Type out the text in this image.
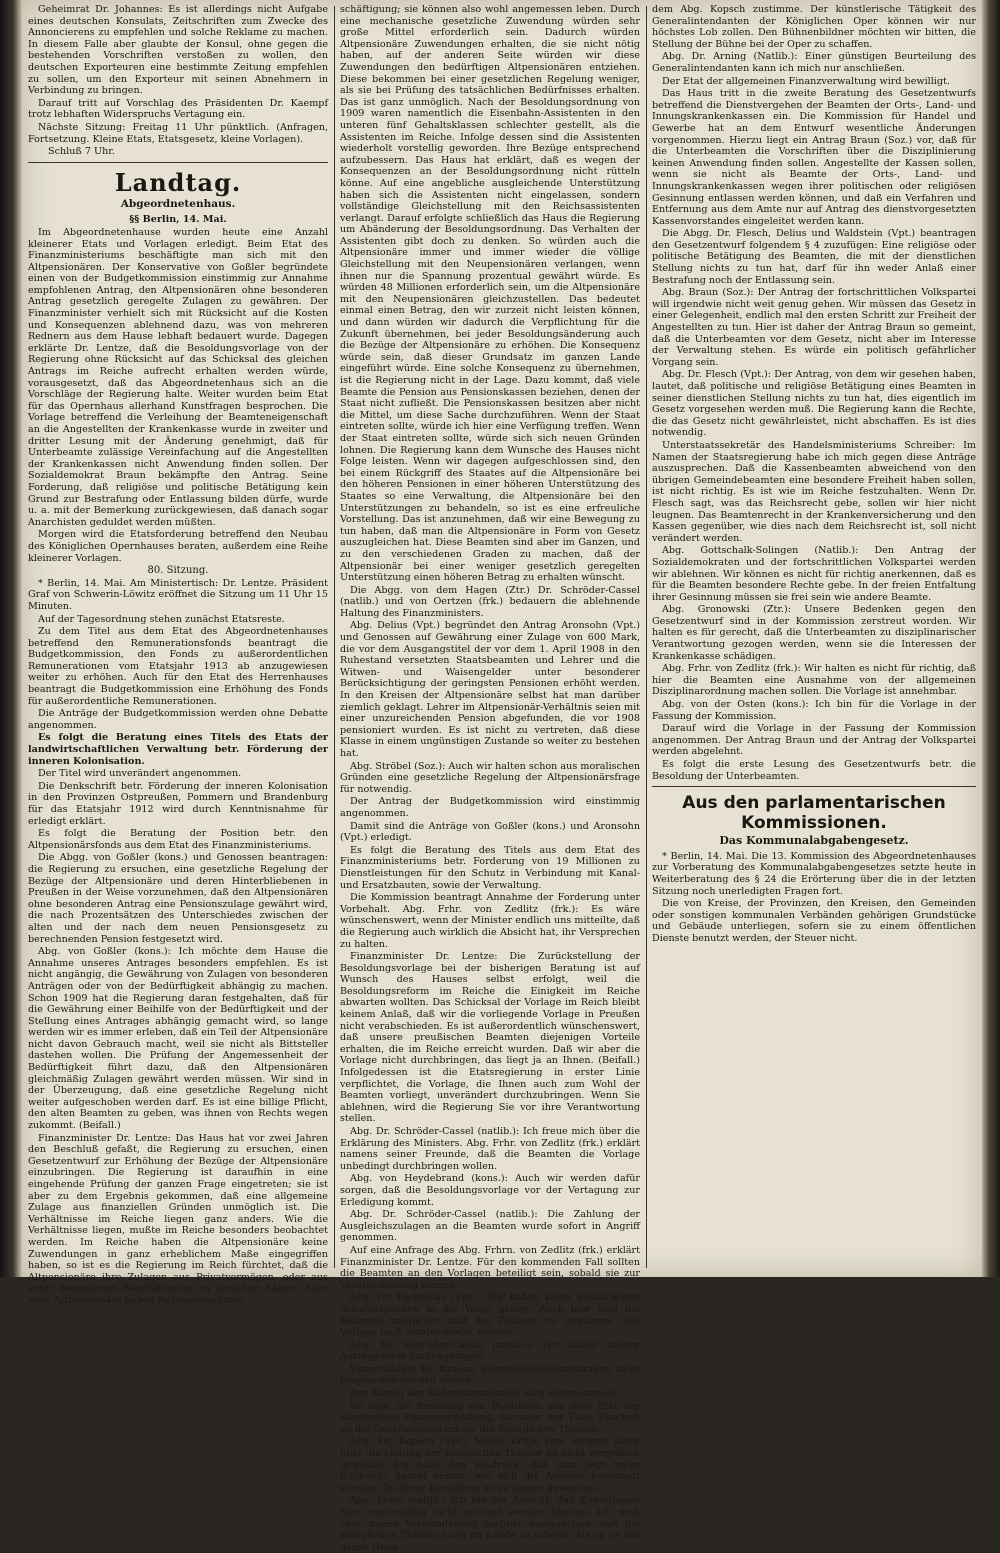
Geheimrat Dr. Johannes: Es ist allerdings nicht Aufgabe eines deutschen Konsulats, Zeitschriften zum Zwecke des Annoncierens zu empfehlen und solche Reklame zu machen. In diesem Falle aber glaubte der Konsul, ohne gegen die bestehenden Vorschriften verstoßen zu wollen, den deutschen Exporteuren eine bestimmte Zeitung empfehlen zu sollen, um den Exporteur mit seinen Abnehmern in Verbindung zu bringen.

Darauf tritt auf Vorschlag des Präsidenten Dr. Kaempf trotz lebhaften Widerspruchs Vertagung ein.

Nächste Sitzung: Freitag 11 Uhr pünktlich. (Anfragen, Fortsetzung. Kleine Etats, Etatsgesetz, kleine Vorlagen).

Schluß 7 Uhr.

Landtag.
Abgeordnetenhaus.

§§ Berlin, 14. Mai.

Im Abgeordnetenhause wurden heute eine Anzahl kleinerer Etats und Vorlagen erledigt. Beim Etat des Finanzministeriums beschäftigte man sich mit den Altpensionären. Der Konservative von Goßler begründete einen von der Budgetkommission einstimmig zur Annahme empfohlenen Antrag, den Altpensionären ohne besonderen Antrag gesetzlich geregelte Zulagen zu gewähren. Der Finanzminister verhielt sich mit Rücksicht auf die Kosten und Konsequenzen ablehnend dazu, was von mehreren Rednern aus dem Hause lebhaft bedauert wurde. Dagegen erklärte Dr. Lentze, daß die Besoldungsvorlage von der Regierung ohne Rücksicht auf das Schicksal des gleichen Antrags im Reiche aufrecht erhalten werden würde, vorausgesetzt, daß das Abgeordnetenhaus sich an die Vorschläge der Regierung halte. Weiter wurden beim Etat für das Opernhaus allerhand Kunstfragen besprochen. Die Vorlage betreffend die Verleihung der Beamteneigenschaft an die Angestellten der Krankenkasse wurde in zweiter und dritter Lesung mit der Änderung genehmigt, daß für Unterbeamte zulässige Vereinfachung auf die Angestellten der Krankenkassen nicht Anwendung finden sollen. Der Sozialdemokrat Braun bekämpfte den Antrag. Seine Forderung, daß religiöse und politische Betätigung kein Grund zur Bestrafung oder Entlassung bilden dürfe, wurde u. a. mit der Bemerkung zurückgewiesen, daß danach sogar Anarchisten geduldet werden müßten.

Morgen wird die Etatsforderung betreffend den Neubau des Königlichen Opernhauses beraten, außerdem eine Reihe kleinerer Vorlagen.

80. Sitzung.

* Berlin, 14. Mai. Am Ministertisch: Dr. Lentze. Präsident Graf von Schwerin-Löwitz eröffnet die Sitzung um 11 Uhr 15 Minuten.

Auf der Tagesordnung stehen zunächst Etatsreste.

Zu dem Titel aus dem Etat des Abgeordnetenhauses betreffend den Remunerationsfonds beantragt die Budgetkommission, den Fonds zu außerordentlichen Remunerationen vom Etatsjahr 1913 ab anzugewiesen weiter zu erhöhen. Auch für den Etat des Herrenhauses beantragt die Budgetkommission eine Erhöhung des Fonds für außerordentliche Remunerationen.

Die Anträge der Budgetkommission werden ohne Debatte angenommen.

Es folgt die Beratung eines Titels des Etats der landwirtschaftlichen Verwaltung betr. Förderung der inneren Kolonisation.

Der Titel wird unverändert angenommen.

Die Denkschrift betr. Förderung der inneren Kolonisation in den Provinzen Ostpreußen, Pommern und Brandenburg für das Etatsjahr 1912 wird durch Kenntnisnahme für erledigt erklärt.

Es folgt die Beratung der Position betr. den Altpensionärsfonds aus dem Etat des Finanzministeriums.

Die Abgg. von Goßler (kons.) und Genossen beantragen: die Regierung zu ersuchen, eine gesetzliche Regelung der Bezüge der Altpensionäre und deren Hinterbliebenen in Preußen in der Weise vorzunehmen, daß den Altpensionären ohne besonderen Antrag eine Pensionszulage gewährt wird, die nach Prozentsätzen des Unterschiedes zwischen der alten und der nach dem neuen Pensionsgesetz zu berechnenden Pension festgesetzt wird.

Abg. von Goßler (kons.): Ich möchte dem Hause die Annahme unseres Antrages besonders empfehlen. Es ist nicht angängig, die Gewährung von Zulagen von besonderen Anträgen oder von der Bedürftigkeit abhängig zu machen. Schon 1909 hat die Regierung daran festgehalten, daß für die Gewährung einer Beihilfe von der Bedürftigkeit und der Stellung eines Antrages abhängig gemacht wird, so lange werden wir es immer erleben, daß ein Teil der Altpensionäre nicht davon Gebrauch macht, weil sie nicht als Bittsteller dastehen wollen. Die Prüfung der Angemessenheit der Bedürftigkeit führt dazu, daß den Altpensionären gleichmäßig Zulagen gewährt werden müssen. Wir sind in der Überzeugung, daß eine gesetzliche Regelung nicht weiter aufgeschoben werden darf. Es ist eine billige Pflicht, den alten Beamten zu geben, was ihnen von Rechts wegen zukommt. (Beifall.)

Finanzminister Dr. Lentze: Das Haus hat vor zwei Jahren den Beschluß gefaßt, die Regierung zu ersuchen, einen Gesetzentwurf zur Erhöhung der Bezüge der Altpensionäre einzubringen. Die Regierung ist daraufhin in eine eingehende Prüfung der ganzen Frage eingetreten; sie ist aber zu dem Ergebnis gekommen, daß eine allgemeine Zulage aus finanziellen Gründen unmöglich ist. Die Verhältnisse im Reiche liegen ganz anders. Wie die Verhältnisse liegen, mußte im Reiche besonders beobachtet werden. Im Reiche haben die Altpensionäre keine Zuwendungen in ganz erheblichem Maße eingegriffen haben, so ist es die Regierung im Reich fürchtet, daß die Altpensionäre ihre Zulagen aus Privatvermögen, oder aus einer besonderen Beschäftigung zu beziehen haben. Sehr viele Altpensionäre haben Nebeneinnahmen.

schäftigung; sie können also wohl angemessen leben. Durch eine mechanische gesetzliche Zuwendung würden sehr große Mittel erforderlich sein. Dadurch würden Altpensionäre Zuwendungen erhalten, die sie nicht nötig haben, auf der anderen Seite würden wir diese Zuwendungen den bedürftigen Altpensionären entziehen. Diese bekommen bei einer gesetzlichen Regelung weniger, als sie bei Prüfung des tatsächlichen Bedürfnisses erhalten. Das ist ganz unmöglich. Nach der Besoldungsordnung von 1909 waren namentlich die Eisenbahn-Assistenten in den unteren fünf Gehaltsklassen schlechter gestellt, als die Assistenten im Reiche. Infolge dessen sind die Assistenten wiederholt vorstellig geworden. Ihre Bezüge entsprechend aufzubessern. Das Haus hat erklärt, daß es wegen der Konsequenzen an der Besoldungsordnung nicht rütteln könne. Auf eine angebliche ausgleichende Unterstützung haben sich die Assistenten nicht eingelassen, sondern vollständige Gleichstellung mit den Reichsassistenten verlangt. Darauf erfolgte schließlich das Haus die Regierung um Abänderung der Besoldungsordnung. Das Verhalten der Assistenten gibt doch zu denken. So würden auch die Altpensionäre immer und immer wieder die völlige Gleichstellung mit den Neupensionären verlangen, wenn ihnen nur die Spannung prozentual gewährt würde. Es würden 48 Millionen erforderlich sein, um die Altpensionäre mit den Neupensionären gleichzustellen. Das bedeutet einmal einen Betrag, den wir zurzeit nicht leisten können, und dann würden wir dadurch die Verpflichtung für die Zukunft übernehmen, bei jeder Besoldungsänderung auch die Bezüge der Altpensionäre zu erhöhen. Die Konsequenz würde sein, daß dieser Grundsatz im ganzen Lande eingeführt würde. Eine solche Konsequenz zu übernehmen, ist die Regierung nicht in der Lage. Dazu kommt, daß viele Beamte die Pension aus Pensionskassen beziehen, denen der Staat nicht zufließt. Die Pensionskassen besitzen aber nicht die Mittel, um diese Sache durchzuführen. Wenn der Staat eintreten sollte, würde ich hier eine Verfügung treffen. Wenn der Staat eintreten sollte, würde sich sich neuen Gründen lohnen. Die Regierung kann dem Wunsche des Hauses nicht Folge leisten. Wenn wir dagegen aufgeschlossen sind, den bei einem Rückgriff des Staates auf die Altpensionäre bei den höheren Pensionen in einer höheren Unterstützung des Staates so eine Verwaltung, die Altpensionäre bei den Unterstützungen zu behandeln, so ist es eine erfreuliche Vorstellung. Das ist anzunehmen, daß wir eine Bewegung zu tun haben, daß man die Altpensionäre in Form von Gesetz auszugleichen hat. Diese Beamten sind aber im Ganzen, und zu den verschiedenen Graden zu machen, daß der Altpensionär bei einer weniger gesetzlich geregelten Unterstützung einen höheren Betrag zu erhalten wünscht.

Die Abgg. von dem Hagen (Ztr.) Dr. Schröder-Cassel (natlib.) und von Oertzen (frk.) bedauern die ablehnende Haltung des Finanzministers.

Abg. Delius (Vpt.) begründet den Antrag Aronsohn (Vpt.) und Genossen auf Gewährung einer Zulage von 600 Mark, die vor dem Ausgangstitel der vor dem 1. April 1908 in den Ruhestand versetzten Staatsbeamten und Lehrer und die Witwen- und Waisengelder unter besonderer Berücksichtigung der geringsten Pensionen erhöht werden. In den Kreisen der Altpensionäre selbst hat man darüber ziemlich geklagt. Lehrer im Altpensionär-Verhältnis seien mit einer unzureichenden Pension abgefunden, die vor 1908 pensioniert wurden. Es ist nicht zu vertreten, daß diese Klasse in einem ungünstigen Zustande so weiter zu bestehen hat.

Abg. Ströbel (Soz.): Auch wir halten schon aus moralischen Gründen eine gesetzliche Regelung der Altpensionärsfrage für notwendig.

Der Antrag der Budgetkommission wird einstimmig angenommen.

Damit sind die Anträge von Goßler (kons.) und Aronsohn (Vpt.) erledigt.

Es folgt die Beratung des Titels aus dem Etat des Finanzministeriums betr. Forderung von 19 Millionen zu Dienstleistungen für den Schutz in Verbindung mit Kanal- und Ersatzbauten, sowie der Verwaltung.

Die Kommission beantragt Annahme der Forderung unter Vorbehalt. Abg. Frhr. von Zedlitz (frk.): Es wäre wünschenswert, wenn der Minister endlich uns mitteilte, daß die Regierung auch wirklich die Absicht hat, ihr Versprechen zu halten.

Finanzminister Dr. Lentze: Die Zurückstellung der Besoldungsvorlage bei der bisherigen Beratung ist auf Wunsch des Hauses selbst erfolgt, weil die Besoldungsreform im Reiche die Einigkeit im Reiche abwarten wollten. Das Schicksal der Vorlage im Reich bleibt keinem Anlaß, daß wir die vorliegende Vorlage in Preußen nicht verabschieden. Es ist außerordentlich wünschenswert, daß unsere preußischen Beamten diejenigen Vorteile erhalten, die im Reiche erreicht wurden. Daß wir aber die Vorlage nicht durchbringen, das liegt ja an Ihnen. (Beifall.) Infolgedessen ist die Etatsregierung in erster Linie verpflichtet, die Vorlage, die Ihnen auch zum Wohl der Beamten vorliegt, unverändert durchzubringen. Wenn Sie ablehnen, wird die Regierung Sie vor ihre Verantwortung stellen.

Abg. Dr. Schröder-Cassel (natlib.): Ich freue mich über die Erklärung des Ministers. Abg. Frhr. von Zedlitz (frk.) erklärt namens seiner Freunde, daß die Beamten die Vorlage unbedingt durchbringen wollen.

Abg. von Heydebrand (kons.): Auch wir werden dafür sorgen, daß die Besoldungsvorlage vor der Vertagung zur Erledigung kommt.

Abg. Dr. Schröder-Cassel (natlib.): Die Zahlung der Ausgleichszulagen an die Beamten wurde sofort in Angriff genommen.

Auf eine Anfrage des Abg. Frhrn. von Zedlitz (frk.) erklärt Finanzminister Dr. Lentze. Für den kommenden Fall sollten die Beamten an den Vorlagen beteiligt sein, sobald sie zur Verabschiedung kommt.

Abg. Dr. Pachnicke (Vpt.): Wir haben keine willkürlichen Schwierigkeiten in die Wege gelegt, Auch hier sind die Beamten möglichst bald die Zulagen zu gewähren. Die Vorlage muß verabschiedet werden.

Abg. Dr. Schröder-Cassel (natlib.): Wir haben unsere Anträge nicht zurückgezogen.

Vizepräsident Dr. Krause. Beamtenbesoldungsfragen nicht besprochen werden dürfen.

Der Antrag der Budgetkommission wird angenommen.

Es folgt die Beratung von Positionen aus dem Etat der allgemeinen Finanzverwaltung, darunter der Titel: Zuschuß an die Generalintendanz für die Königlichen Theater.

Abg. Dr. Kopsch (Vpt.) Meine Kritik vom vorigen Jahre über die Leitung der königlichen Theater ist nicht vergeblich gewesen. Ich habe den Eindruck, daß man jetzt mehr Rücksicht darauf nimmt, wie sich die Autoren bevorzugt würden. In dieser Beziehung ist es besser geworden.

Abg. Lewy (natlib.) Ich bin der Ansicht, daß Kunstfragen hier zweckmäßig nicht erörtert werden können. Ich muß aber meine Verwunderung darüber aussprechen, daß die königlichen Theater nicht im Lande so scheint, als ob es das ganze Haus

dem Abg. Kopsch zustimme. Der künstlerische Tätigkeit des Generalintendanten der Königlichen Oper können wir nur höchstes Lob zollen. Den Bühnenbildner möchten wir bitten, die Stellung der Bühne bei der Oper zu schaffen.

Abg. Dr. Arning (Natlib.): Einer günstigen Beurteilung des Generalintendanten kann ich mich nur anschließen.

Der Etat der allgemeinen Finanzverwaltung wird bewilligt.

Das Haus tritt in die zweite Beratung des Gesetzentwurfs betreffend die Dienstvergehen der Beamten der Orts-, Land- und Innungskrankenkassen ein. Die Kommission für Handel und Gewerbe hat an dem Entwurf wesentliche Änderungen vorgenommen. Hierzu liegt ein Antrag Braun (Soz.) vor, daß für die Unterbeamten die Vorschriften über die Disziplinierung keinen Anwendung finden sollen. Angestellte der Kassen sollen, wenn sie nicht als Beamte der Orts-, Land- und Innungskrankenkassen wegen ihrer politischen oder religiösen Gesinnung entlassen werden können, und daß ein Verfahren und Entfernung aus dem Amte nur auf Antrag des dienstvorgesetzten Kassenvorstandes eingeleitet werden kann.

Die Abgg. Dr. Flesch, Delius und Waldstein (Vpt.) beantragen den Gesetzentwurf folgendem § 4 zuzufügen: Eine religiöse oder politische Betätigung des Beamten, die mit der dienstlichen Stellung nichts zu tun hat, darf für ihn weder Anlaß einer Bestrafung noch der Entlassung sein.

Abg. Braun (Soz.): Der Antrag der fortschrittlichen Volkspartei will irgendwie nicht weit genug gehen. Wir müssen das Gesetz in einer Gelegenheit, endlich mal den ersten Schritt zur Freiheit der Angestellten zu tun. Hier ist daher der Antrag Braun so gemeint, daß die Unterbeamten vor dem Gesetz, nicht aber im Interesse der Verwaltung stehen. Es würde ein politisch gefährlicher Vorgang sein.

Abg. Dr. Flesch (Vpt.): Der Antrag, von dem wir gesehen haben, lautet, daß politische und religiöse Betätigung eines Beamten in seiner dienstlichen Stellung nichts zu tun hat, dies eigentlich im Gesetz vorgesehen werden muß. Die Regierung kann die Rechte, die das Gesetz nicht gewährleistet, nicht abschaffen. Es ist dies notwendig.

Unterstaatssekretär des Handelsministeriums Schreiber: Im Namen der Staatsregierung habe ich mich gegen diese Anträge auszusprechen. Daß die Kassenbeamten abweichend von den übrigen Gemeindebeamten eine besondere Freiheit haben sollen, ist nicht richtig. Es ist wie im Reiche festzuhalten. Wenn Dr. Flesch sagt, was das Reichsrecht gebe, sollen wir hier nicht leugnen. Das Beamtenrecht in der Krankenversicherung und den Kassen gegenüber, wie dies nach dem Reichsrecht ist, soll nicht verändert werden.

Abg. Gottschalk-Solingen (Natlib.): Den Antrag der Sozialdemokraten und der fortschrittlichen Volkspartei werden wir ablehnen. Wir können es nicht für richtig anerkennen, daß es für die Beamten besondere Rechte gebe. In der freien Entfaltung ihrer Gesinnung müssen sie frei sein wie andere Beamte.

Abg. Gronowski (Ztr.): Unsere Bedenken gegen den Gesetzentwurf sind in der Kommission zerstreut worden. Wir halten es für gerecht, daß die Unterbeamten zu disziplinarischer Verantwortung gezogen werden, wenn sie die Interessen der Krankenkasse schädigen.

Abg. Frhr. von Zedlitz (frk.): Wir halten es nicht für richtig, daß hier die Beamten eine Ausnahme von der allgemeinen Disziplinarordnung machen sollen. Die Vorlage ist annehmbar.

Abg. von der Osten (kons.): Ich bin für die Vorlage in der Fassung der Kommission.

Darauf wird die Vorlage in der Fassung der Kommission angenommen. Der Antrag Braun und der Antrag der Volkspartei werden abgelehnt.

Es folgt die erste Lesung des Gesetzentwurfs betr. die Besoldung der Unterbeamten.

Aus den parlamentarischen Kommissionen.
Das Kommunalabgabengesetz.

* Berlin, 14. Mai. Die 13. Kommission des Abgeordnetenhauses zur Vorberatung des Kommunalabgabengesetzes setzte heute in Weiterberatung des § 24 die Erörterung über die in der letzten Sitzung noch unerledigten Fragen fort.

Die von Kreise, der Provinzen, den Kreisen, den Gemeinden oder sonstigen kommunalen Verbänden gehörigen Grundstücke und Gebäude unterliegen, sofern sie zu einem öffentlichen Dienste benutzt werden, der Steuer nicht.
